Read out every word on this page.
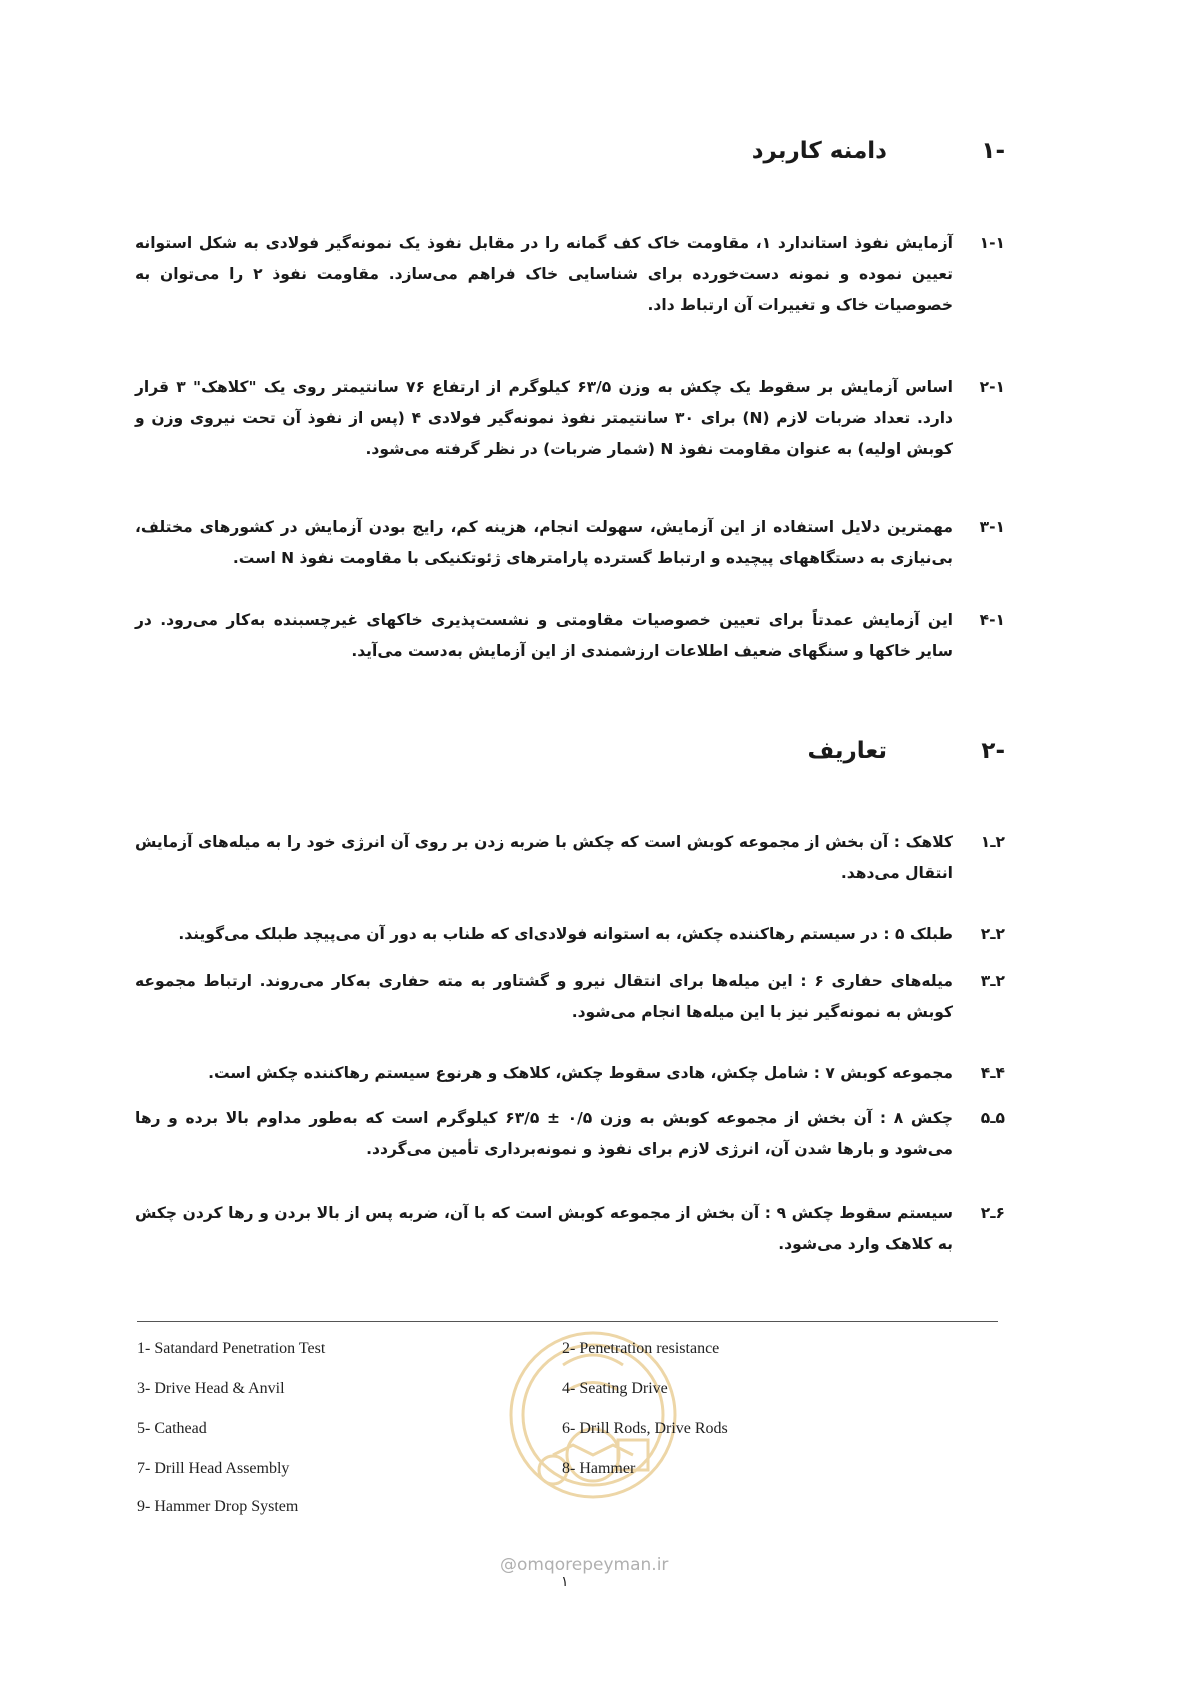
-۱
دامنه کاربرد
۱-۱
آزمایش نفوذ استاندارد ۱، مقاومت خاک کف گمانه را در مقابل نفوذ یک نمونه‌گیر فولادی به شکل استوانه تعیین نموده و نمونه دست‌خورده برای شناسایی خاک فراهم می‌سازد. مقاومت نفوذ ۲ را می‌توان به خصوصیات خاک و تغییرات آن ارتباط داد.
۲-۱
اساس آزمایش بر سقوط یک چکش به وزن ۶۳/۵ کیلوگرم از ارتفاع ۷۶ سانتیمتر روی یک "کلاهک" ۳ قرار دارد. تعداد ضربات لازم (N) برای ۳۰ سانتیمتر نفوذ نمونه‌گیر فولادی ۴ (پس از نفوذ آن تحت نیروی وزن و کوبش اولیه) به عنوان مقاومت نفوذ N (شمار ضربات) در نظر گرفته می‌شود.
۳-۱
مهمترین دلایل استفاده از این آزمایش، سهولت انجام، هزینه کم، رایج بودن آزمایش در کشورهای مختلف، بی‌نیازی به دستگاههای پیچیده و ارتباط گسترده پارامترهای ژئوتکنیکی با مقاومت نفوذ N است.
۴-۱
این آزمایش عمدتاً برای تعیین خصوصیات مقاومتی و نشست‌پذیری خاکهای غیرچسبنده به‌کار می‌رود. در سایر خاکها و سنگهای ضعیف اطلاعات ارزشمندی از این آزمایش به‌دست می‌آید.
-۲
تعاریف
۲ـ۱
کلاهک : آن بخش از مجموعه کوبش است که چکش با ضربه زدن بر روی آن انرژی خود را به میله‌های آزمایش انتقال می‌دهد.
۲ـ۲
طبلک ۵ : در سیستم رهاکننده چکش، به استوانه فولادی‌ای که طناب به دور آن می‌پیچد طبلک می‌گویند.
۲ـ۳
میله‌های حفاری ۶ : این میله‌ها برای انتقال نیرو و گشتاور به مته حفاری به‌کار می‌روند. ارتباط مجموعه کوبش به نمونه‌گیر نیز با این میله‌ها انجام می‌شود.
۴ـ۴
مجموعه کوبش ۷ : شامل چکش، هادی سقوط چکش، کلاهک و هرنوع سیستم رهاکننده چکش است.
۵ـ۵
چکش ۸ : آن بخش از مجموعه کوبش به وزن ۰/۵ ± ۶۳/۵ کیلوگرم است که به‌طور مداوم بالا برده و رها می‌شود و بارها شدن آن، انرژی لازم برای نفوذ و نمونه‌برداری تأمین می‌گردد.
۶ـ۲
سیستم سقوط چکش ۹ : آن بخش از مجموعه کوبش است که با آن، ضربه پس از بالا بردن و رها کردن چکش به کلاهک وارد می‌شود.
1- Satandard Penetration Test	2- Penetration resistance
3- Drive Head & Anvil	4- Seating Drive
5- Cathead	6- Drill Rods, Drive Rods
7- Drill Head Assembly	8- Hammer
9- Hammer Drop System
@omqorepeyman.ir
۱
